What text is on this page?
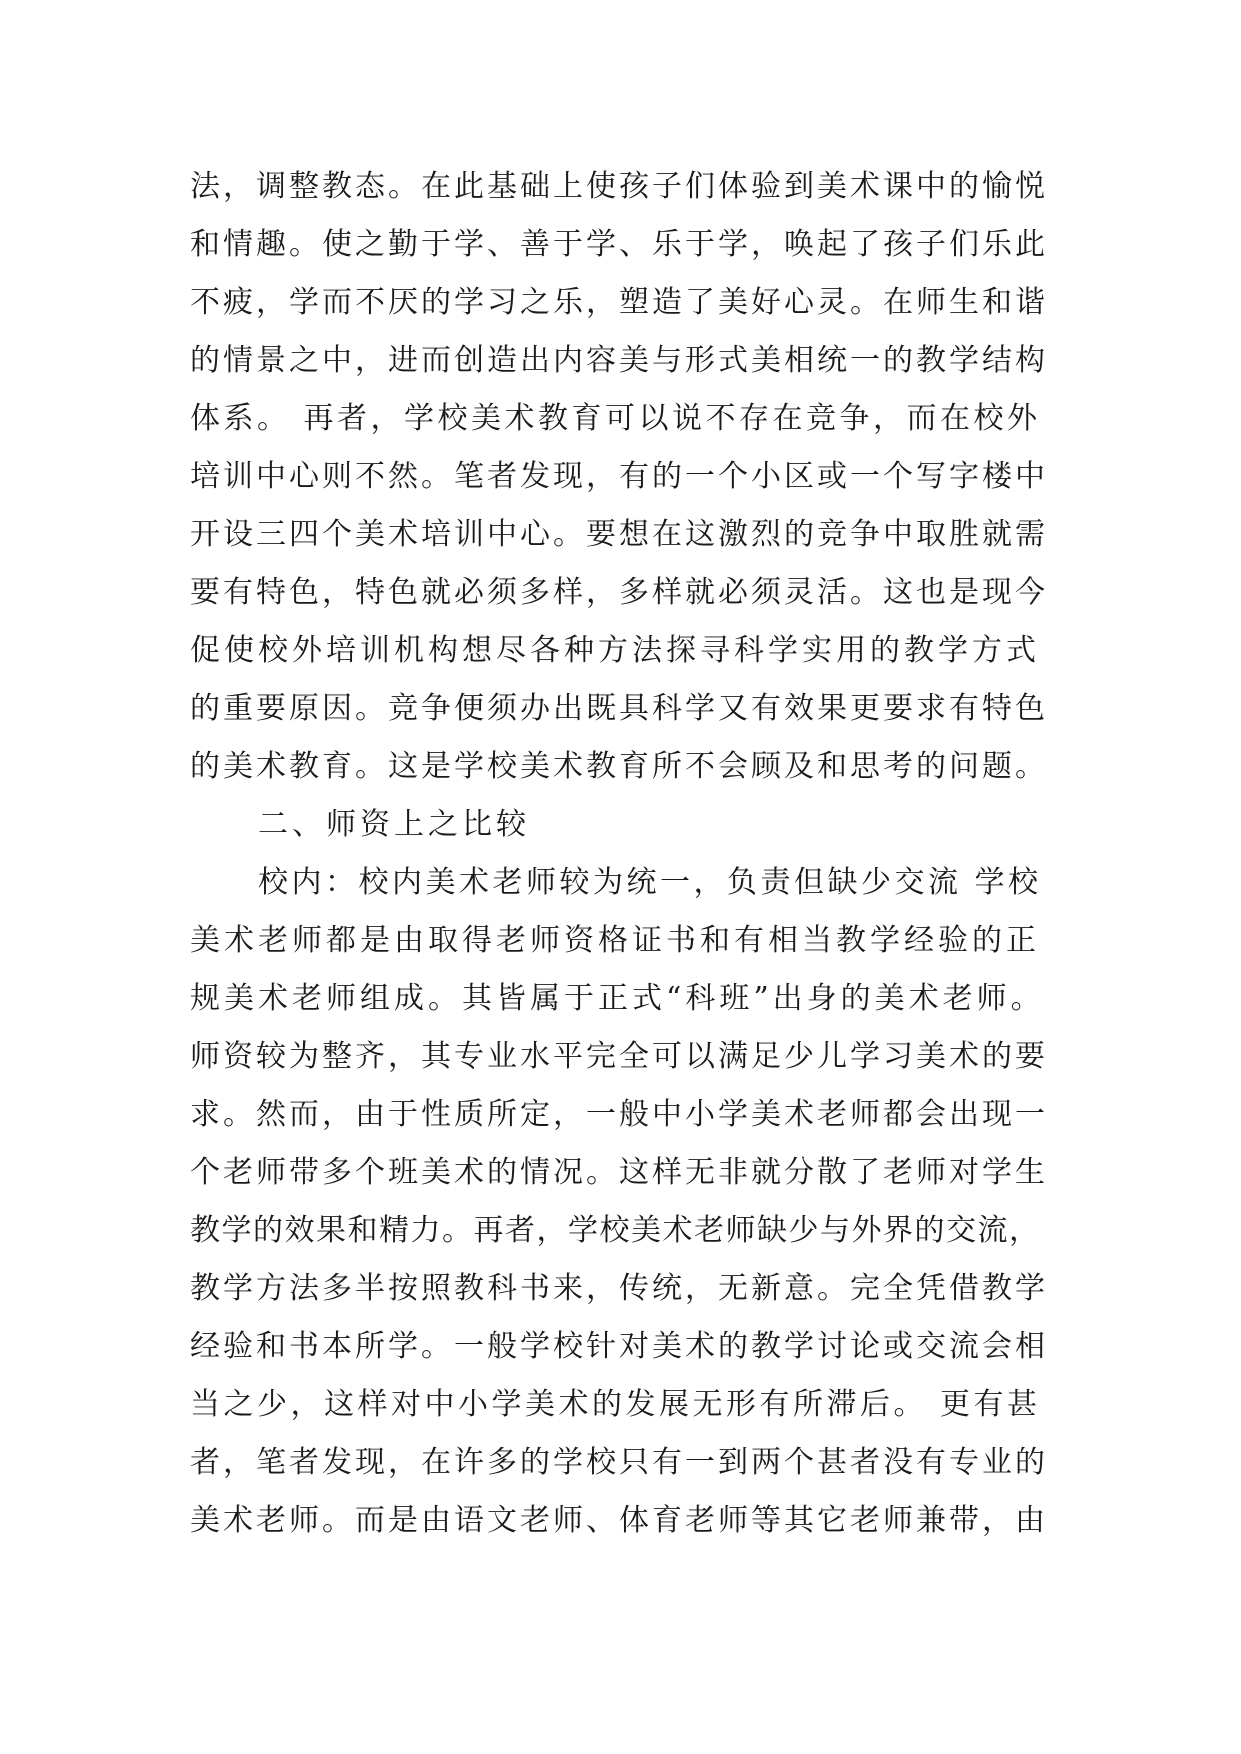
法，调整教态。在此基础上使孩子们体验到美术课中的愉悦
和情趣。使之勤于学、善于学、乐于学，唤起了孩子们乐此
不疲，学而不厌的学习之乐，塑造了美好心灵。在师生和谐
的情景之中，进而创造出内容美与形式美相统一的教学结构
体系。 再者，学校美术教育可以说不存在竞争，而在校外
培训中心则不然。笔者发现，有的一个小区或一个写字楼中
开设三四个美术培训中心。要想在这激烈的竞争中取胜就需
要有特色，特色就必须多样，多样就必须灵活。这也是现今
促使校外培训机构想尽各种方法探寻科学实用的教学方式
的重要原因。竞争便须办出既具科学又有效果更要求有特色
的美术教育。这是学校美术教育所不会顾及和思考的问题。
二、师资上之比较
校内：校内美术老师较为统一，负责但缺少交流 学校
美术老师都是由取得老师资格证书和有相当教学经验的正
规美术老师组成。其皆属于正式“科班”出身的美术老师。
师资较为整齐，其专业水平完全可以满足少儿学习美术的要
求。然而，由于性质所定，一般中小学美术老师都会出现一
个老师带多个班美术的情况。这样无非就分散了老师对学生
教学的效果和精力。再者，学校美术老师缺少与外界的交流，
教学方法多半按照教科书来，传统，无新意。完全凭借教学
经验和书本所学。一般学校针对美术的教学讨论或交流会相
当之少，这样对中小学美术的发展无形有所滞后。 更有甚
者，笔者发现，在许多的学校只有一到两个甚者没有专业的
美术老师。而是由语文老师、体育老师等其它老师兼带，由
